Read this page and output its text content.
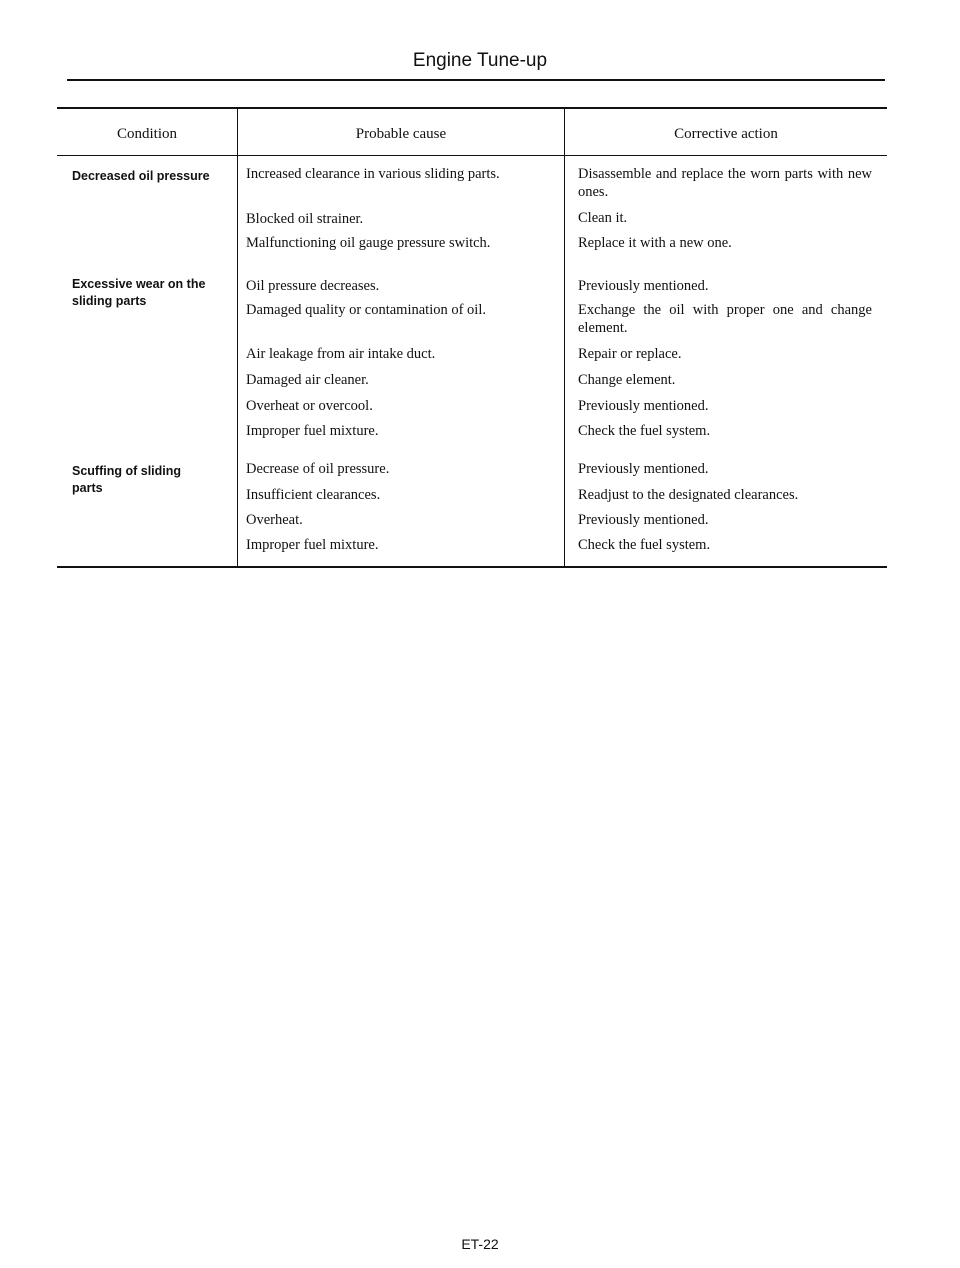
Engine Tune-up
Condition	Probable cause	Corrective action
Decreased oil pressure
Excessive wear on the sliding parts
Scuffing of sliding parts
Increased clearance in various sliding parts.
Blocked oil strainer.
Malfunctioning oil gauge pressure switch.
Oil pressure decreases.
Damaged quality or contamination of oil.
Air leakage from air intake duct.
Damaged air cleaner.
Overheat or overcool.
Improper fuel mixture.
Decrease of oil pressure.
Insufficient clearances.
Overheat.
Improper fuel mixture.
Disassemble and replace the worn parts with new ones.
Clean it.
Replace it with a new one.
Previously mentioned.
Exchange the oil with proper one and change element.
Repair or replace.
Change element.
Previously mentioned.
Check the fuel system.
Previously mentioned.
Readjust to the designated clearances.
Previously mentioned.
Check the fuel system.
ET-22
